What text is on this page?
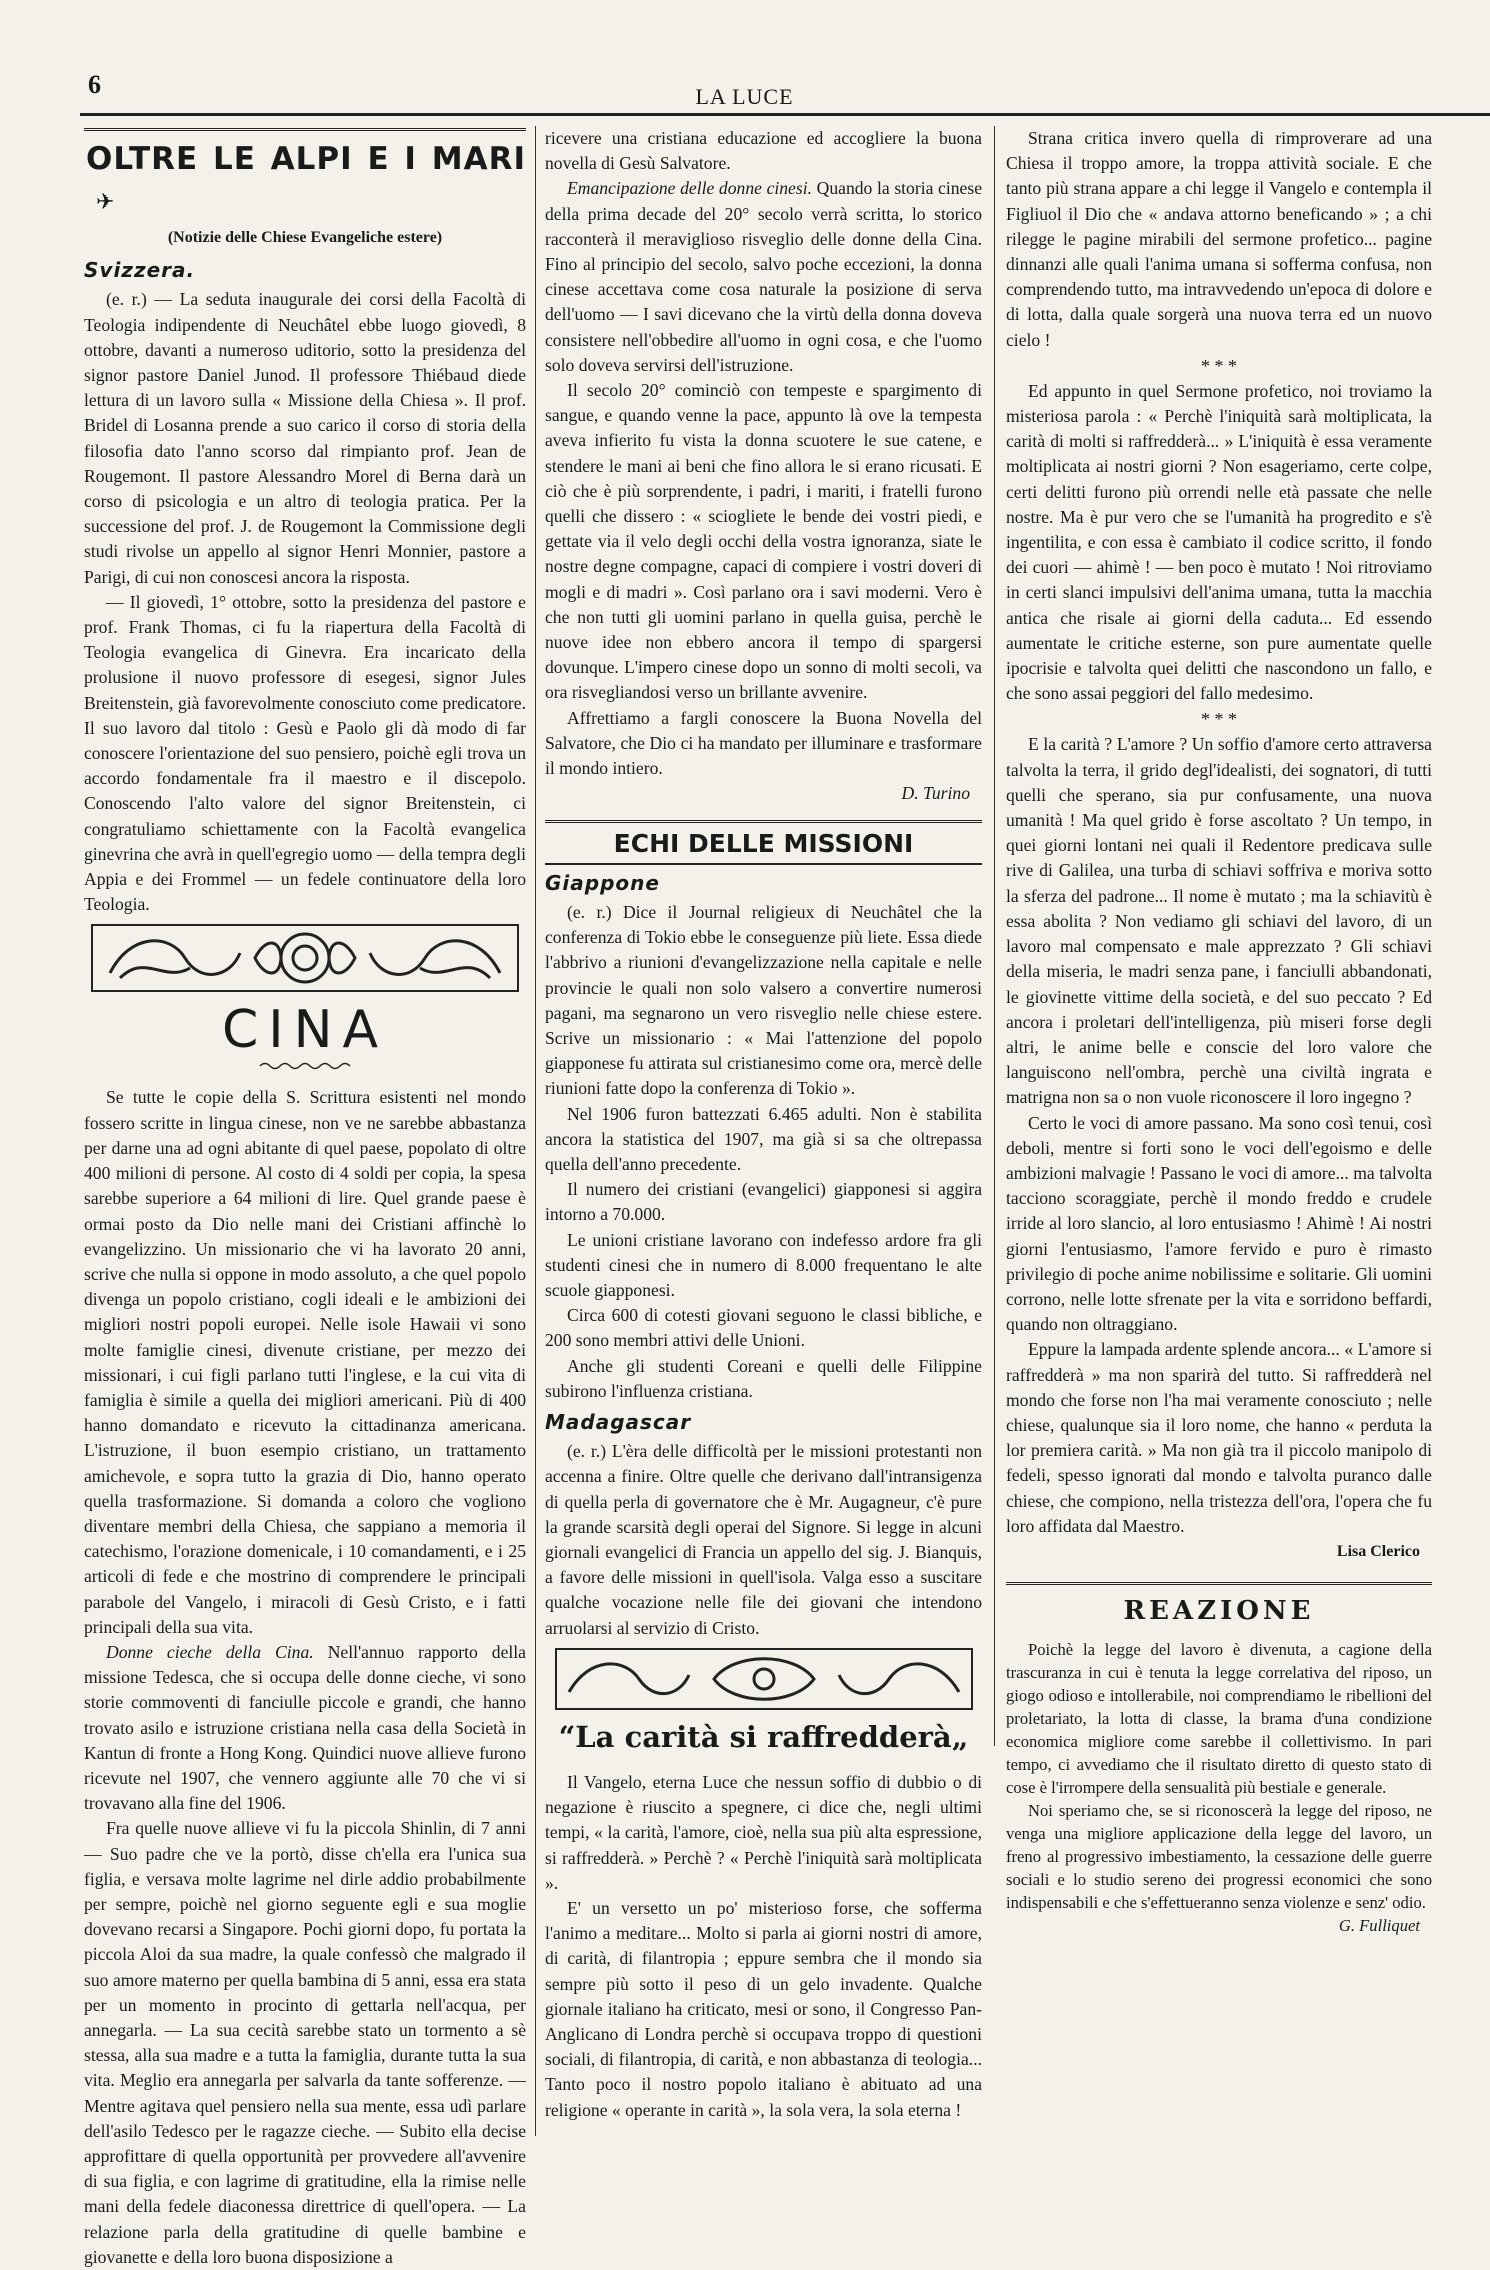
6	LA LUCE
OLTRE LE ALPI E I MARI✈
(Notizie delle Chiese Evangeliche estere)
Svizzera.

(e. r.) — La seduta inaugurale dei corsi della Facoltà di Teologia indipendente di Neuchâtel ebbe luogo giovedì, 8 ottobre, davanti a numeroso uditorio, sotto la presidenza del signor pastore Daniel Junod. Il professore Thiébaud diede lettura di un lavoro sulla « Missione della Chiesa ». Il prof. Bridel di Losanna prende a suo carico il corso di storia della filosofia dato l'anno scorso dal rimpianto prof. Jean de Rougemont. Il pastore Alessandro Morel di Berna darà un corso di psicologia e un altro di teologia pratica. Per la successione del prof. J. de Rougemont la Commissione degli studi rivolse un appello al signor Henri Monnier, pastore a Parigi, di cui non conoscesi ancora la risposta.

— Il giovedì, 1° ottobre, sotto la presidenza del pastore e prof. Frank Thomas, ci fu la riapertura della Facoltà di Teologia evangelica di Ginevra. Era incaricato della prolusione il nuovo professore di esegesi, signor Jules Breitenstein, già favorevolmente conosciuto come predicatore. Il suo lavoro dal titolo : Gesù e Paolo gli dà modo di far conoscere l'orientazione del suo pensiero, poichè egli trova un accordo fondamentale fra il maestro e il discepolo. Conoscendo l'alto valore del signor Breitenstein, ci congratuliamo schiettamente con la Facoltà evangelica ginevrina che avrà in quell'egregio uomo — della tempra degli Appia e dei Frommel — un fedele continuatore della loro Teologia.

CINA

Se tutte le copie della S. Scrittura esistenti nel mondo fossero scritte in lingua cinese, non ve ne sarebbe abbastanza per darne una ad ogni abitante di quel paese, popolato di oltre 400 milioni di persone. Al costo di 4 soldi per copia, la spesa sarebbe superiore a 64 milioni di lire. Quel grande paese è ormai posto da Dio nelle mani dei Cristiani affinchè lo evangelizzino. Un missionario che vi ha lavorato 20 anni, scrive che nulla si oppone in modo assoluto, a che quel popolo divenga un popolo cristiano, cogli ideali e le ambizioni dei migliori nostri popoli europei. Nelle isole Hawaii vi sono molte famiglie cinesi, divenute cristiane, per mezzo dei missionari, i cui figli parlano tutti l'inglese, e la cui vita di famiglia è simile a quella dei migliori americani. Più di 400 hanno domandato e ricevuto la cittadinanza americana. L'istruzione, il buon esempio cristiano, un trattamento amichevole, e sopra tutto la grazia di Dio, hanno operato quella trasformazione. Si domanda a coloro che vogliono diventare membri della Chiesa, che sappiano a memoria il catechismo, l'orazione domenicale, i 10 comandamenti, e i 25 articoli di fede e che mostrino di comprendere le principali parabole del Vangelo, i miracoli di Gesù Cristo, e i fatti principali della sua vita.

Donne cieche della Cina. Nell'annuo rapporto della missione Tedesca, che si occupa delle donne cieche, vi sono storie commoventi di fanciulle piccole e grandi, che hanno trovato asilo e istruzione cristiana nella casa della Società in Kantun di fronte a Hong Kong. Quindici nuove allieve furono ricevute nel 1907, che vennero aggiunte alle 70 che vi si trovavano alla fine del 1906.

Fra quelle nuove allieve vi fu la piccola Shinlin, di 7 anni — Suo padre che ve la portò, disse ch'ella era l'unica sua figlia, e versava molte lagrime nel dirle addio probabilmente per sempre, poichè nel giorno seguente egli e sua moglie dovevano recarsi a Singapore. Pochi giorni dopo, fu portata la piccola Aloi da sua madre, la quale confessò che malgrado il suo amore materno per quella bambina di 5 anni, essa era stata per un momento in procinto di gettarla nell'acqua, per annegarla. — La sua cecità sarebbe stato un tormento a sè stessa, alla sua madre e a tutta la famiglia, durante tutta la sua vita. Meglio era annegarla per salvarla da tante sofferenze. — Mentre agitava quel pensiero nella sua mente, essa udì parlare dell'asilo Tedesco per le ragazze cieche. — Subito ella decise approfittare di quella opportunità per provvedere all'avvenire di sua figlia, e con lagrime di gratitudine, ella la rimise nelle mani della fedele diaconessa direttrice di quell'opera. — La relazione parla della gratitudine di quelle bambine e giovanette e della loro buona disposizione a

ricevere una cristiana educazione ed accogliere la buona novella di Gesù Salvatore.

Emancipazione delle donne cinesi. Quando la storia cinese della prima decade del 20° secolo verrà scritta, lo storico racconterà il meraviglioso risveglio delle donne della Cina. Fino al principio del secolo, salvo poche eccezioni, la donna cinese accettava come cosa naturale la posizione di serva dell'uomo — I savi dicevano che la virtù della donna doveva consistere nell'obbedire all'uomo in ogni cosa, e che l'uomo solo doveva servirsi dell'istruzione.

Il secolo 20° cominciò con tempeste e spargimento di sangue, e quando venne la pace, appunto là ove la tempesta aveva infierito fu vista la donna scuotere le sue catene, e stendere le mani ai beni che fino allora le si erano ricusati. E ciò che è più sorprendente, i padri, i mariti, i fratelli furono quelli che dissero : « sciogliete le bende dei vostri piedi, e gettate via il velo degli occhi della vostra ignoranza, siate le nostre degne compagne, capaci di compiere i vostri doveri di mogli e di madri ». Così parlano ora i savi moderni. Vero è che non tutti gli uomini parlano in quella guisa, perchè le nuove idee non ebbero ancora il tempo di spargersi dovunque. L'impero cinese dopo un sonno di molti secoli, va ora risvegliandosi verso un brillante avvenire.

Affrettiamo a fargli conoscere la Buona Novella del Salvatore, che Dio ci ha mandato per illuminare e trasformare il mondo intiero.

D. Turino

ECHI DELLE MISSIONI
Giappone

(e. r.) Dice il Journal religieux di Neuchâtel che la conferenza di Tokio ebbe le conseguenze più liete. Essa diede l'abbrivo a riunioni d'evangelizzazione nella capitale e nelle provincie le quali non solo valsero a convertire numerosi pagani, ma segnarono un vero risveglio nelle chiese estere. Scrive un missionario : « Mai l'attenzione del popolo giapponese fu attirata sul cristianesimo come ora, mercè delle riunioni fatte dopo la conferenza di Tokio ».

Nel 1906 furon battezzati 6.465 adulti. Non è stabilita ancora la statistica del 1907, ma già si sa che oltrepassa quella dell'anno precedente.

Il numero dei cristiani (evangelici) giapponesi si aggira intorno a 70.000.

Le unioni cristiane lavorano con indefesso ardore fra gli studenti cinesi che in numero di 8.000 frequentano le alte scuole giapponesi.

Circa 600 di cotesti giovani seguono le classi bibliche, e 200 sono membri attivi delle Unioni.

Anche gli studenti Coreani e quelli delle Filippine subirono l'influenza cristiana.

Madagascar

(e. r.) L'èra delle difficoltà per le missioni protestanti non accenna a finire. Oltre quelle che derivano dall'intransigenza di quella perla di governatore che è Mr. Augagneur, c'è pure la grande scarsità degli operai del Signore. Si legge in alcuni giornali evangelici di Francia un appello del sig. J. Bianquis, a favore delle missioni in quell'isola. Valga esso a suscitare qualche vocazione nelle file dei giovani che intendono arruolarsi al servizio di Cristo.

“La carità si raffredderà„

Il Vangelo, eterna Luce che nessun soffio di dubbio o di negazione è riuscito a spegnere, ci dice che, negli ultimi tempi, « la carità, l'amore, cioè, nella sua più alta espressione, si raffredderà. » Perchè ? « Perchè l'iniquità sarà moltiplicata ».

E' un versetto un po' misterioso forse, che sofferma l'animo a meditare... Molto si parla ai giorni nostri di amore, di carità, di filantropia ; eppure sembra che il mondo sia sempre più sotto il peso di un gelo invadente. Qualche giornale italiano ha criticato, mesi or sono, il Congresso Pan-Anglicano di Londra perchè si occupava troppo di questioni sociali, di filantropia, di carità, e non abbastanza di teologia... Tanto poco il nostro popolo italiano è abituato ad una religione « operante in carità », la sola vera, la sola eterna !

Strana critica invero quella di rimproverare ad una Chiesa il troppo amore, la troppa attività sociale. E che tanto più strana appare a chi legge il Vangelo e contempla il Figliuol il Dio che « andava attorno beneficando » ; a chi rilegge le pagine mirabili del sermone profetico... pagine dinnanzi alle quali l'anima umana si sofferma confusa, non comprendendo tutto, ma intravvedendo un'epoca di dolore e di lotta, dalla quale sorgerà una nuova terra ed un nuovo cielo !

* * *

Ed appunto in quel Sermone profetico, noi troviamo la misteriosa parola : « Perchè l'iniquità sarà moltiplicata, la carità di molti si raffredderà... » L'iniquità è essa veramente moltiplicata ai nostri giorni ? Non esageriamo, certe colpe, certi delitti furono più orrendi nelle età passate che nelle nostre. Ma è pur vero che se l'umanità ha progredito e s'è ingentilita, e con essa è cambiato il codice scritto, il fondo dei cuori — ahimè ! — ben poco è mutato ! Noi ritroviamo in certi slanci impulsivi dell'anima umana, tutta la macchia antica che risale ai giorni della caduta... Ed essendo aumentate le critiche esterne, son pure aumentate quelle ipocrisie e talvolta quei delitti che nascondono un fallo, e che sono assai peggiori del fallo medesimo.

* * *

E la carità ? L'amore ? Un soffio d'amore certo attraversa talvolta la terra, il grido degl'idealisti, dei sognatori, di tutti quelli che sperano, sia pur confusamente, una nuova umanità ! Ma quel grido è forse ascoltato ? Un tempo, in quei giorni lontani nei quali il Redentore predicava sulle rive di Galilea, una turba di schiavi soffriva e moriva sotto la sferza del padrone... Il nome è mutato ; ma la schiavitù è essa abolita ? Non vediamo gli schiavi del lavoro, di un lavoro mal compensato e male apprezzato ? Gli schiavi della miseria, le madri senza pane, i fanciulli abbandonati, le giovinette vittime della società, e del suo peccato ? Ed ancora i proletari dell'intelligenza, più miseri forse degli altri, le anime belle e conscie del loro valore che languiscono nell'ombra, perchè una civiltà ingrata e matrigna non sa o non vuole riconoscere il loro ingegno ?

Certo le voci di amore passano. Ma sono così tenui, così deboli, mentre si forti sono le voci dell'egoismo e delle ambizioni malvagie ! Passano le voci di amore... ma talvolta tacciono scoraggiate, perchè il mondo freddo e crudele irride al loro slancio, al loro entusiasmo ! Ahimè ! Ai nostri giorni l'entusiasmo, l'amore fervido e puro è rimasto privilegio di poche anime nobilissime e solitarie. Gli uomini corrono, nelle lotte sfrenate per la vita e sorridono beffardi, quando non oltraggiano.

Eppure la lampada ardente splende ancora... « L'amore si raffredderà » ma non sparirà del tutto. Si raffredderà nel mondo che forse non l'ha mai veramente conosciuto ; nelle chiese, qualunque sia il loro nome, che hanno « perduta la lor premiera carità. » Ma non già tra il piccolo manipolo di fedeli, spesso ignorati dal mondo e talvolta puranco dalle chiese, che compiono, nella tristezza dell'ora, l'opera che fu loro affidata dal Maestro.

Lisa Clerico

REAZIONE

Poichè la legge del lavoro è divenuta, a cagione della trascuranza in cui è tenuta la legge correlativa del riposo, un giogo odioso e intollerabile, noi comprendiamo le ribellioni del proletariato, la lotta di classe, la brama d'una condizione economica migliore come sarebbe il collettivismo. In pari tempo, ci avvediamo che il risultato diretto di questo stato di cose è l'irrompere della sensualità più bestiale e generale.

Noi speriamo che, se si riconoscerà la legge del riposo, ne venga una migliore applicazione della legge del lavoro, un freno al progressivo imbestiamento, la cessazione delle guerre sociali e lo studio sereno dei progressi economici che sono indispensabili e che s'effettueranno senza violenze e senz' odio.

G. Fulliquet
